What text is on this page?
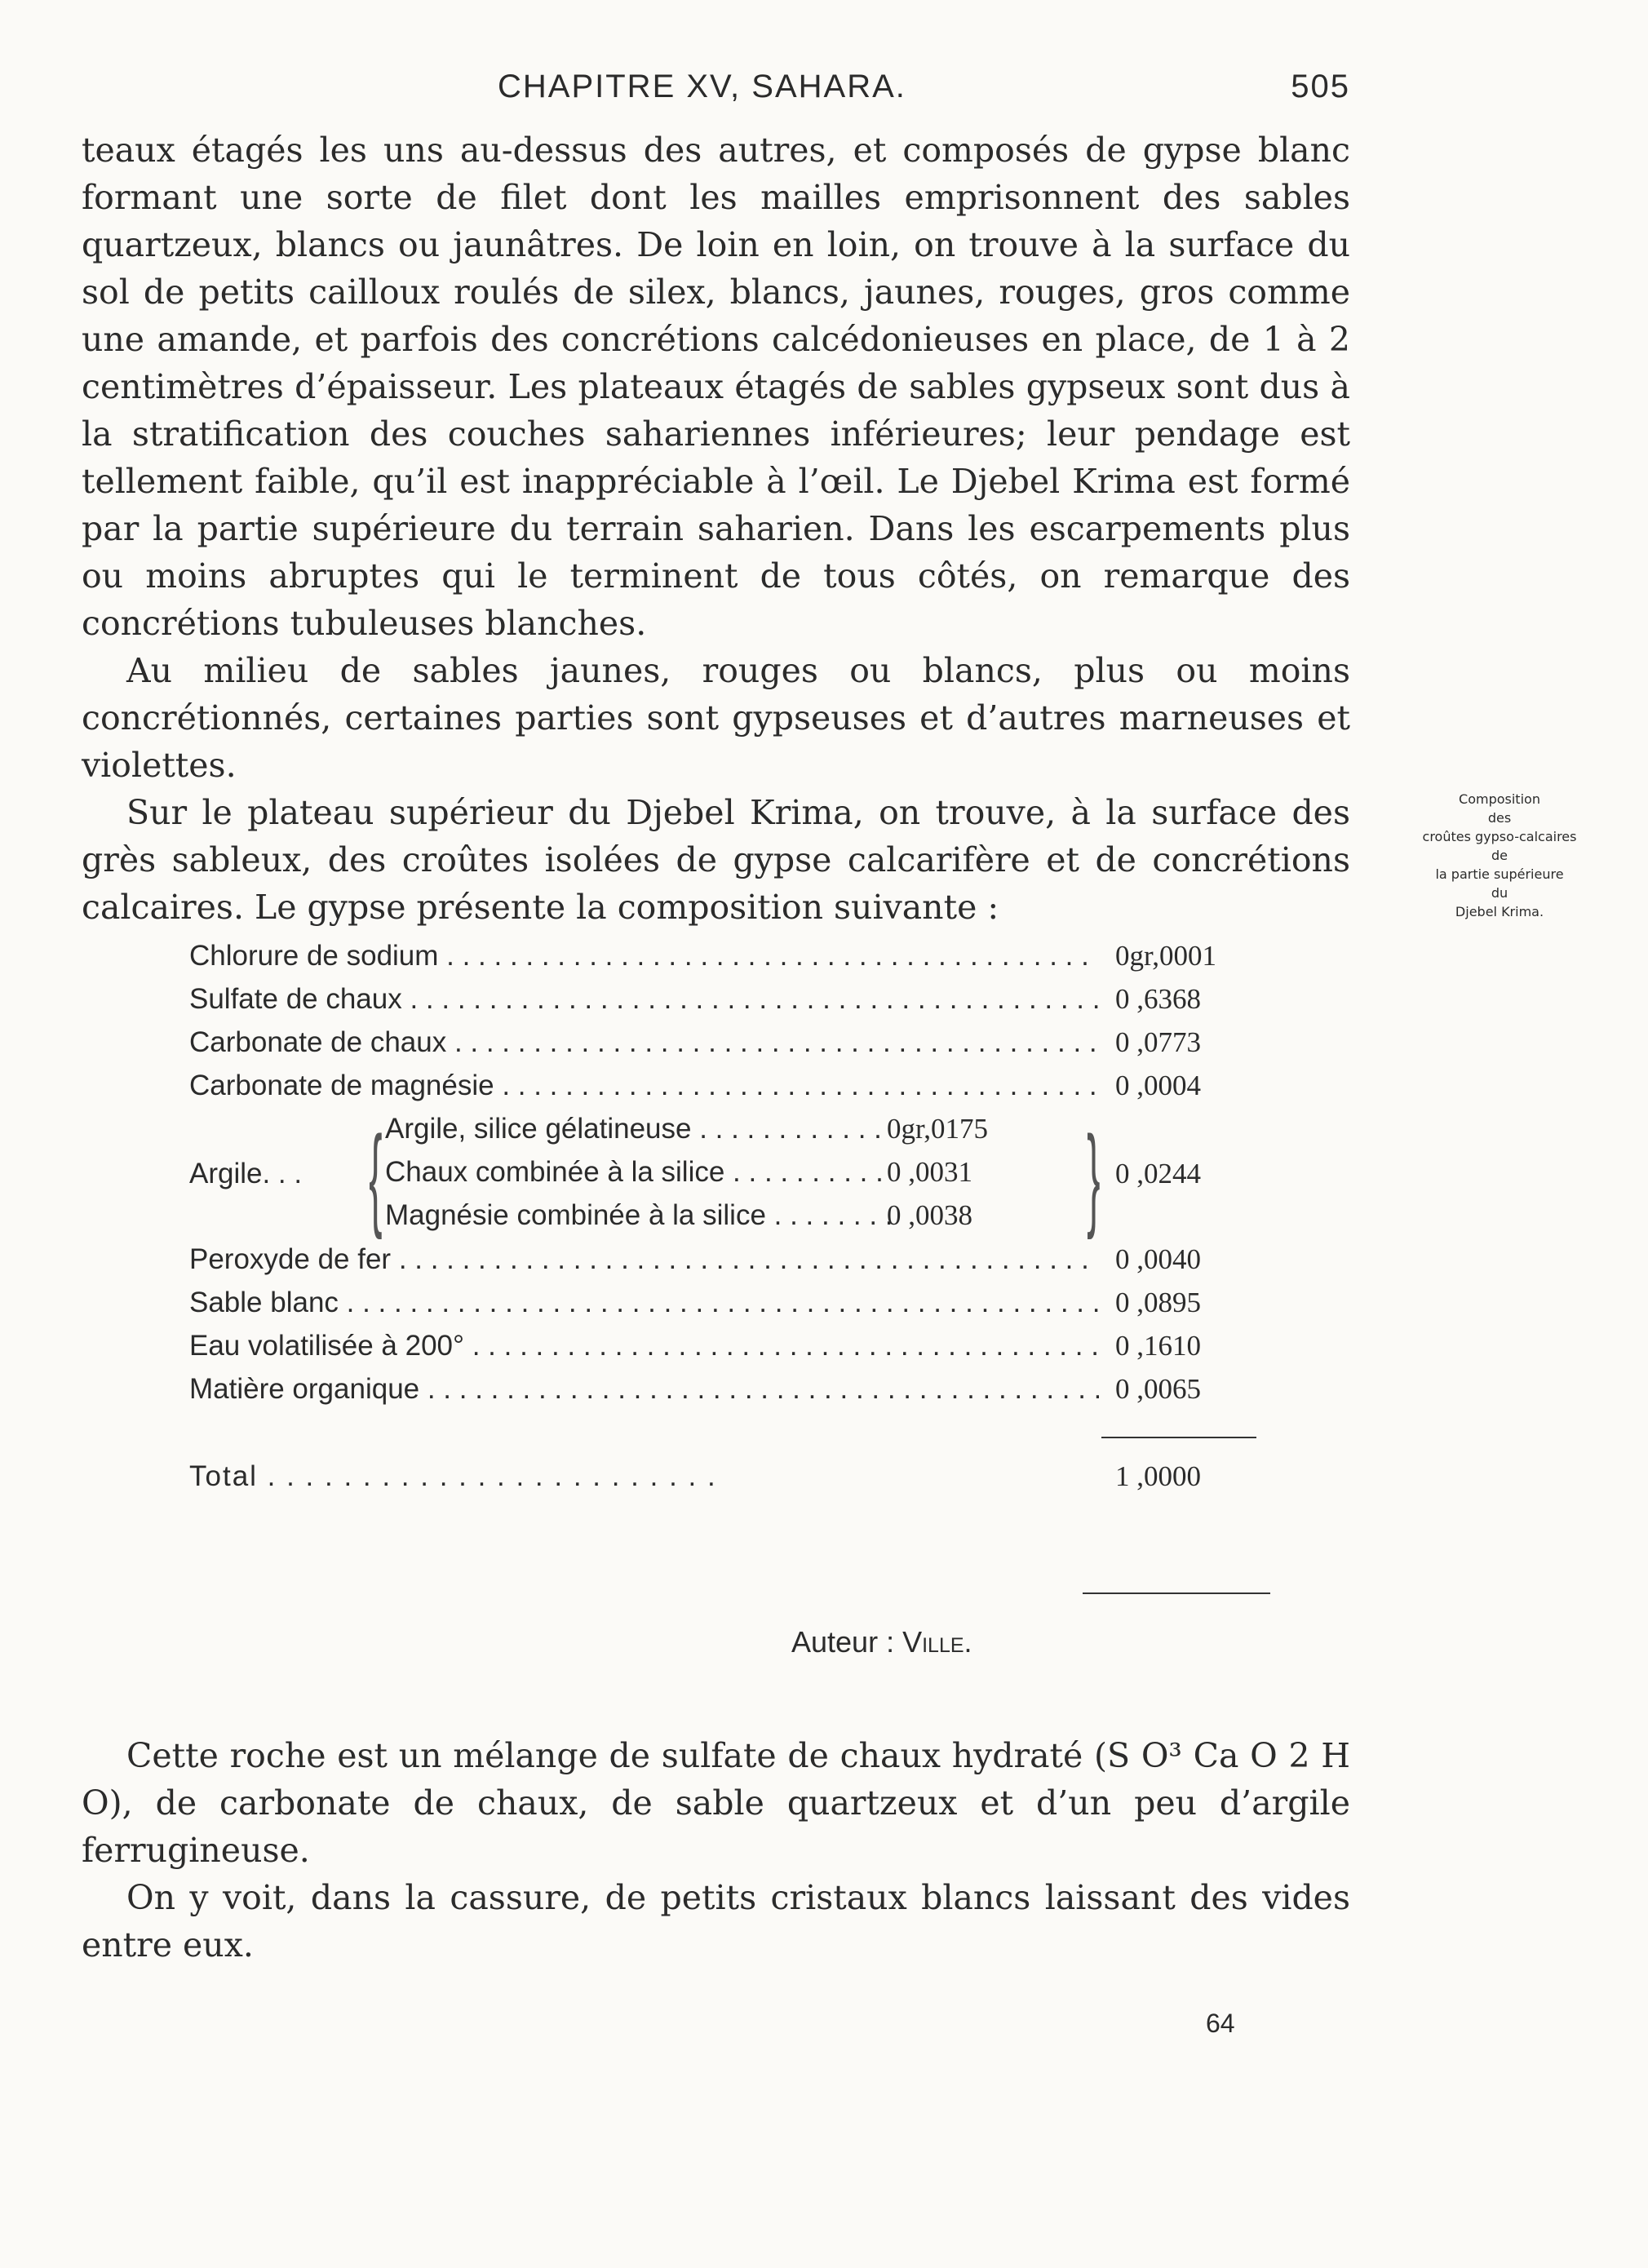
CHAPITRE XV, SAHARA.	505

teaux étagés les uns au-dessus des autres, et composés de gypse blanc formant une sorte de filet dont les mailles emprisonnent des sables quartzeux, blancs ou jaunâtres. De loin en loin, on trouve à la surface du sol de petits cailloux roulés de silex, blancs, jaunes, rouges, gros comme une amande, et parfois des concrétions calcédonieuses en place, de 1 à 2 centimètres d’épaisseur. Les plateaux étagés de sables gypseux sont dus à la stratification des couches sahariennes inférieures; leur pendage est tellement faible, qu’il est inappréciable à l’œil. Le Djebel Krima est formé par la partie supérieure du terrain saharien. Dans les escarpements plus ou moins abruptes qui le terminent de tous côtés, on remarque des concrétions tubuleuses blanches.

Au milieu de sables jaunes, rouges ou blancs, plus ou moins concrétionnés, certaines parties sont gypseuses et d’autres marneuses et violettes.

Sur le plateau supérieur du Djebel Krima, on trouve, à la surface des grès sableux, des croûtes isolées de gypse calcarifère et de concrétions calcaires. Le gypse présente la composition suivante :

Composition
des
croûtes gypso-calcaires
de
la partie supérieure
du
Djebel Krima.
Chlorure de sodium . . .	0gr,0001
Sulfate de chaux . . .	0 ,6368
Carbonate de chaux . . .	0 ,0773
Carbonate de magnésie . . .	0 ,0004
Argile. . . { Argile, silice gélatineuse . . .	0gr,0175
Chaux combinée à la silice . . .	0 ,0031
Magnésie combinée à la silice . . .	0 ,0038 } 0 ,0244
Peroxyde de fer . . .	0 ,0040
Sable blanc . . .	0 ,0895
Eau volatilisée à 200° . . .	0 ,1610
Matière organique . . .	0 ,0065
Total . . .	1 ,0000
Auteur : Ville.

Cette roche est un mélange de sulfate de chaux hydraté (S O³ Ca O 2 H O), de carbonate de chaux, de sable quartzeux et d’un peu d’argile ferrugineuse.

On y voit, dans la cassure, de petits cristaux blancs laissant des vides entre eux.

64
